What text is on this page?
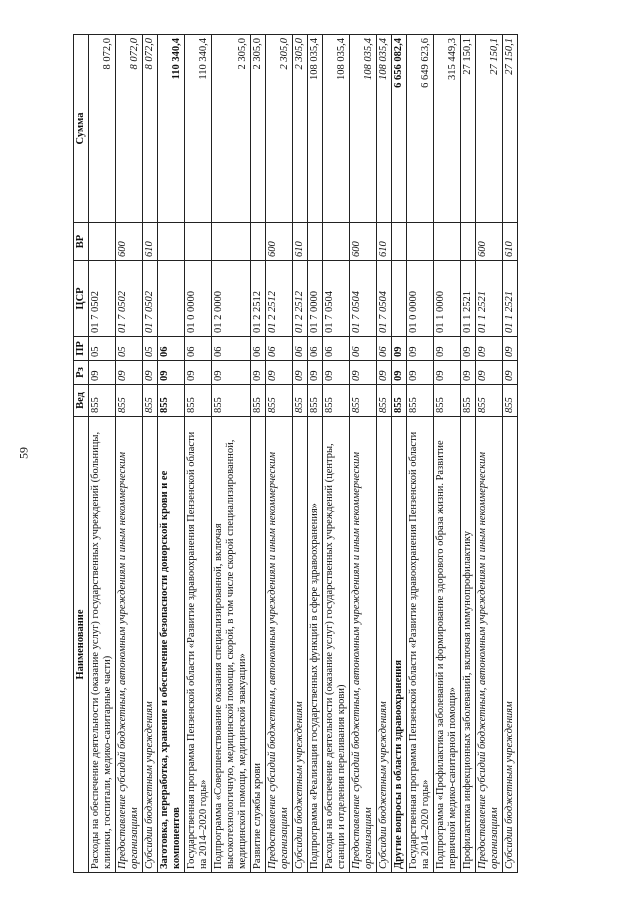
59
Наименование	Вед	Рз	ПР	ЦСР	ВР	Сумма
Расходы на обеспечение деятельности (оказание услуг) государственных учреждений (больницы, клиники, госпитали, медико-санитарные части)	855	09	05	01 7 0502		8 072,0
Предоставление субсидий бюджетным, автономным учреждениям и иным некоммерческим организациям	855	09	05	01 7 0502	600	8 072,0
Субсидии бюджетным учреждениям	855	09	05	01 7 0502	610	8 072,0
Заготовка, переработка, хранение и обеспечение безопасности донорской крови и ее компонентов	855	09	06			110 340,4
Государственная программа Пензенской области «Развитие здравоохранения Пензенской области на 2014–2020 годы»	855	09	06	01 0 0000		110 340,4
Подпрограмма «Совершенствование оказания специализированной, включая высокотехнологичную, медицинской помощи, скорой, в том числе скорой специализированной, медицинской помощи, медицинской эвакуации»	855	09	06	01 2 0000		2 305,0
Развитие службы крови	855	09	06	01 2 2512		2 305,0
Предоставление субсидий бюджетным, автономным учреждениям и иным некоммерческим организациям	855	09	06	01 2 2512	600	2 305,0
Субсидии бюджетным учреждениям	855	09	06	01 2 2512	610	2 305,0
Подпрограмма «Реализация государственных функций в сфере здравоохранения»	855	09	06	01 7 0000		108 035,4
Расходы на обеспечение деятельности (оказание услуг) государственных учреждений (центры, станции и отделения переливания крови)	855	09	06	01 7 0504		108 035,4
Предоставление субсидий бюджетным, автономным учреждениям и иным некоммерческим организациям	855	09	06	01 7 0504	600	108 035,4
Субсидии бюджетным учреждениям	855	09	06	01 7 0504	610	108 035,4
Другие вопросы в области здравоохранения	855	09	09			6 656 082,4
Государственная программа Пензенской области «Развитие здравоохранения Пензенской области на 2014–2020 годы»	855	09	09	01 0 0000		6 649 623,6
Подпрограмма «Профилактика заболеваний и формирование здорового образа жизни. Развитие первичной медико-санитарной помощи»	855	09	09	01 1 0000		315 449,3
Профилактика инфекционных заболеваний, включая иммунопрофилактику	855	09	09	01 1 2521		27 150,1
Предоставление субсидий бюджетным, автономным учреждениям и иным некоммерческим организациям	855	09	09	01 1 2521	600	27 150,1
Субсидии бюджетным учреждениям	855	09	09	01 1 2521	610	27 150,1
